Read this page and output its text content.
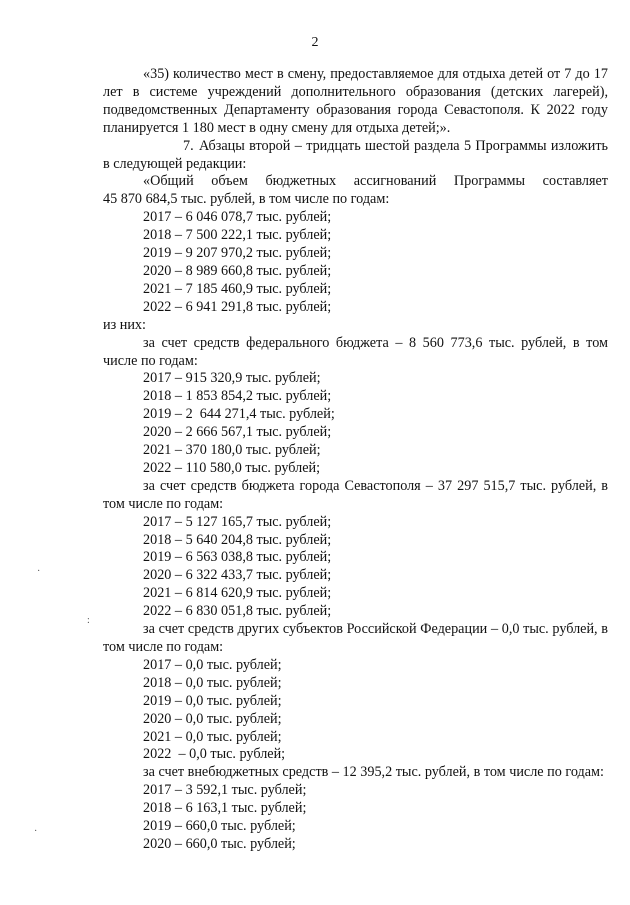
2
·
:
·

«35) количество мест в смену, предоставляемое для отдыха детей от 7 до 17 лет в системе учреждений дополнительного образования (детских лагерей), подведомственных Департаменту образования города Севастополя. К 2022 году планируется 1 180 мест в одну смену для отдыха детей;».

7. Абзацы второй – тридцать шестой раздела 5 Программы изложить в следующей редакции:

«Общий объем бюджетных ассигнований Программы составляет

45 870 684,5 тыс. рублей, в том числе по годам:

2017 – 6 046 078,7 тыс. рублей;
2018 – 7 500 222,1 тыс. рублей;
2019 – 9 207 970,2 тыс. рублей;
2020 – 8 989 660,8 тыс. рублей;
2021 – 7 185 460,9 тыс. рублей;
2022 – 6 941 291,8 тыс. рублей;

из них:

за счет средств федерального бюджета – 8 560 773,6 тыс. рублей, в том числе по годам:

2017 – 915 320,9 тыс. рублей;
2018 – 1 853 854,2 тыс. рублей;
2019 – 2  644 271,4 тыс. рублей;
2020 – 2 666 567,1 тыс. рублей;
2021 – 370 180,0 тыс. рублей;
2022 – 110 580,0 тыс. рублей;

за счет средств бюджета города Севастополя – 37 297 515,7 тыс. рублей, в том числе по годам:

2017 – 5 127 165,7 тыс. рублей;
2018 – 5 640 204,8 тыс. рублей;
2019 – 6 563 038,8 тыс. рублей;
2020 – 6 322 433,7 тыс. рублей;
2021 – 6 814 620,9 тыс. рублей;
2022 – 6 830 051,8 тыс. рублей;

за счет средств других субъектов Российской Федерации – 0,0 тыс. рублей, в том числе по годам:

2017 – 0,0 тыс. рублей;
2018 – 0,0 тыс. рублей;
2019 – 0,0 тыс. рублей;
2020 – 0,0 тыс. рублей;
2021 – 0,0 тыс. рублей;
2022  – 0,0 тыс. рублей;

за счет внебюджетных средств – 12 395,2 тыс. рублей, в том числе по годам:

2017 – 3 592,1 тыс. рублей;
2018 – 6 163,1 тыс. рублей;
2019 – 660,0 тыс. рублей;
2020 – 660,0 тыс. рублей;
